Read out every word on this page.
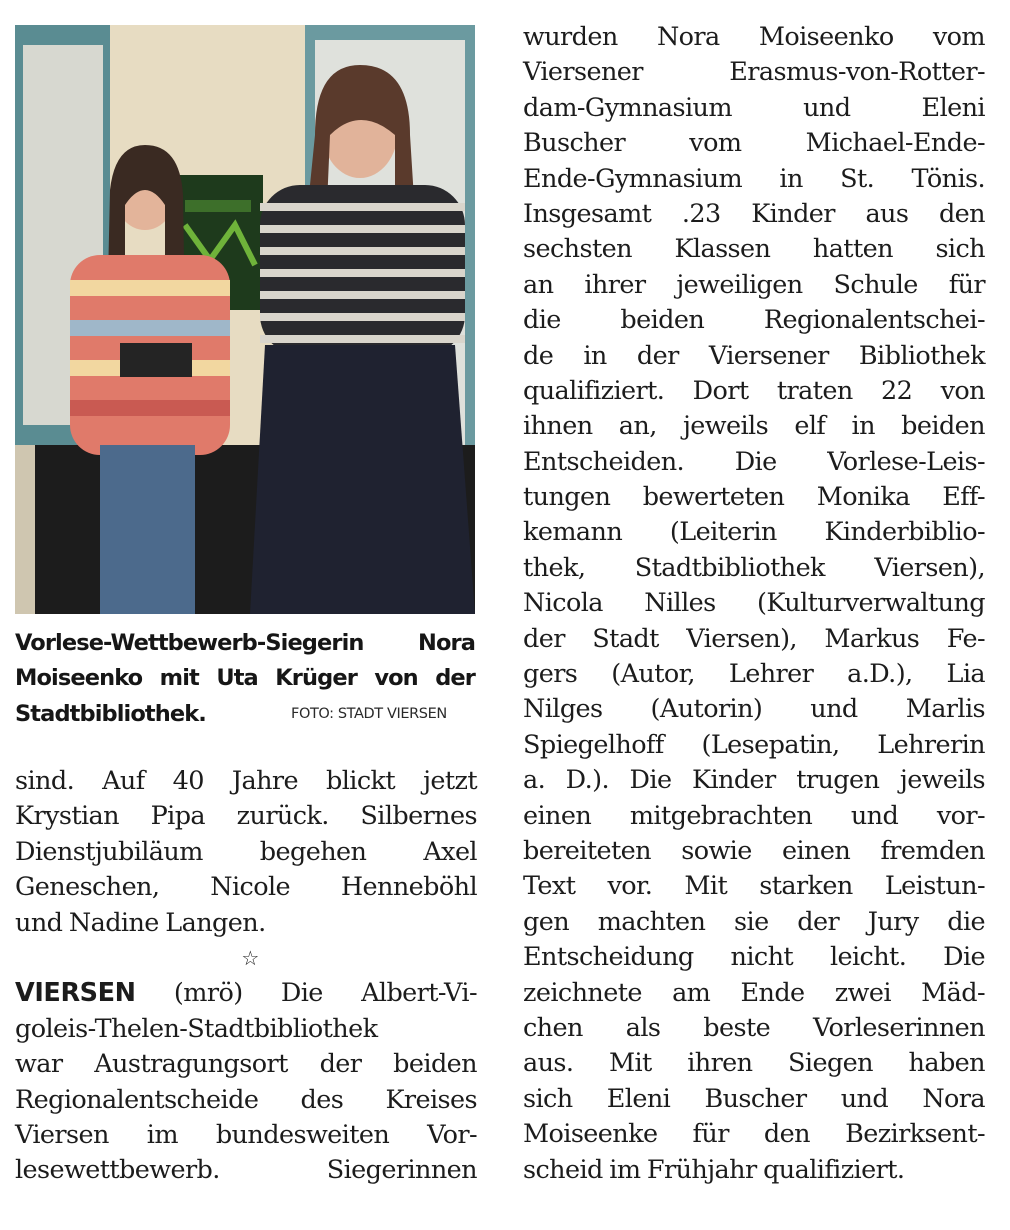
Vorlese-Wettbewerb-Siegerin Nora
Moiseenko mit Uta Krüger von der
Stadtbibliothek.	FOTO: STADT VIERSEN
sind. Auf 40 Jahre blickt jetzt
Krystian Pipa zurück. Silbernes
Dienstjubiläum begehen Axel
Geneschen, Nicole Henneböhl
und Nadine Langen.
☆
VIERSEN (mrö) Die Albert-Vi-
goleis-Thelen-Stadtbibliothek
war Austragungsort der beiden
Regionalentscheide des Kreises
Viersen im bundesweiten Vor-
lesewettbewerb. Siegerinnen
wurden Nora Moiseenko vom
Viersener Erasmus-von-Rotter-
dam-Gymnasium und Eleni
Buscher vom Michael-Ende-
Ende-Gymnasium in St. Tönis.
Insgesamt .23 Kinder aus den
sechsten Klassen hatten sich
an ihrer jeweiligen Schule für
die beiden Regionalentschei-
de in der Viersener Bibliothek
qualifiziert. Dort traten 22 von
ihnen an, jeweils elf in beiden
Entscheiden. Die Vorlese-Leis-
tungen bewerteten Monika Eff-
kemann (Leiterin Kinderbiblio-
thek, Stadtbibliothek Viersen),
Nicola Nilles (Kulturverwaltung
der Stadt Viersen), Markus Fe-
gers (Autor, Lehrer a.D.), Lia
Nilges (Autorin) und Marlis
Spiegelhoff (Lesepatin, Lehrerin
a. D.). Die Kinder trugen jeweils
einen mitgebrachten und vor-
bereiteten sowie einen fremden
Text vor. Mit starken Leistun-
gen machten sie der Jury die
Entscheidung nicht leicht. Die
zeichnete am Ende zwei Mäd-
chen als beste Vorleserinnen
aus. Mit ihren Siegen haben
sich Eleni Buscher und Nora
Moiseenke für den Bezirksent-
scheid im Frühjahr qualifiziert.
